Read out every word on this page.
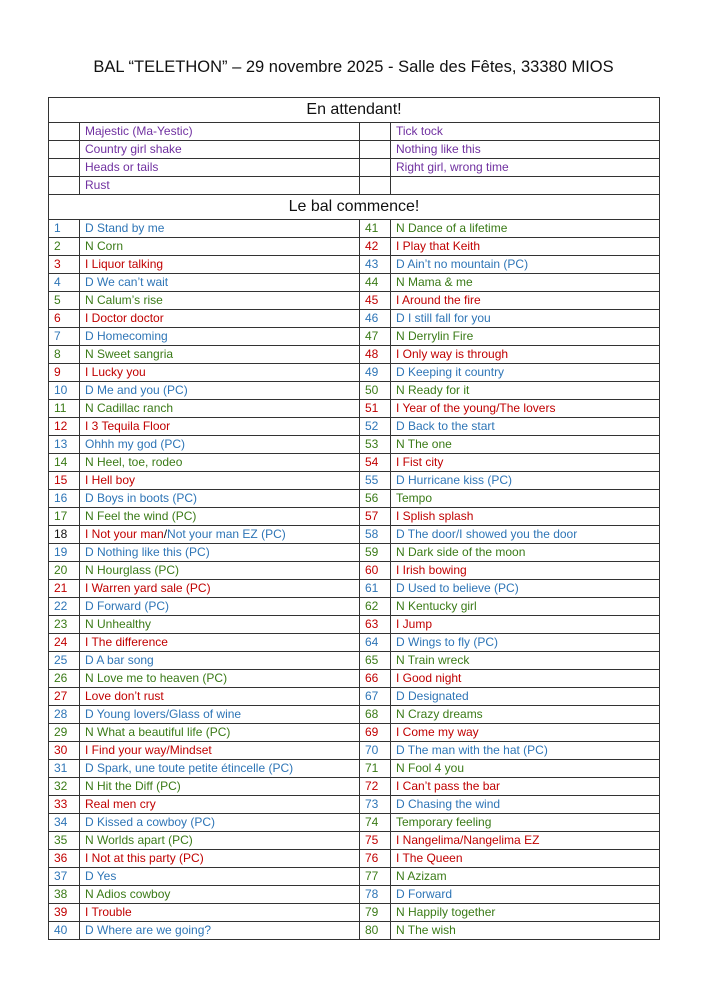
BAL “TELETHON” – 29 novembre 2025 - Salle des Fêtes, 33380 MIOS
En attendant!			
	Majestic (Ma-Yestic)		Tick tock
	Country girl shake		Nothing like this
	Heads or tails		Right girl, wrong time
	Rust		
Le bal commence!			
1	D Stand by me	41	N Dance of a lifetime
2	N Corn	42	I Play that Keith
3	I Liquor talking	43	D Ain’t no mountain (PC)
4	D We can’t wait	44	N Mama & me
5	N Calum’s rise	45	I Around the fire
6	I Doctor doctor	46	D I still fall for you
7	D Homecoming	47	N Derrylin Fire
8	N Sweet sangria	48	I Only way is through
9	I Lucky you	49	D Keeping it country
10	D Me and you (PC)	50	N Ready for it
11	N Cadillac ranch	51	I Year of the young/The lovers
12	I 3 Tequila Floor	52	D Back to the start
13	Ohhh my god (PC)	53	N The one
14	N Heel, toe, rodeo	54	I Fist city
15	I Hell boy	55	D Hurricane kiss (PC)
16	D Boys in boots (PC)	56	Tempo
17	N Feel the wind (PC)	57	I Splish splash
18	I Not your man/Not your man EZ (PC)	58	D The door/I showed you the door
19	D Nothing like this (PC)	59	N Dark side of the moon
20	N Hourglass (PC)	60	I Irish bowing
21	I Warren yard sale (PC)	61	D Used to believe (PC)
22	D Forward (PC)	62	N Kentucky girl
23	N Unhealthy	63	I Jump
24	I The difference	64	D Wings to fly (PC)
25	D A bar song	65	N Train wreck
26	N Love me to heaven (PC)	66	I Good night
27	Love don’t rust	67	D Designated
28	D Young lovers/Glass of wine	68	N Crazy dreams
29	N What a beautiful life (PC)	69	I Come my way
30	I Find your way/Mindset	70	D The man with the hat (PC)
31	D Spark, une toute petite étincelle (PC)	71	N Fool 4 you
32	N Hit the Diff (PC)	72	I Can’t pass the bar
33	Real men cry	73	D Chasing the wind
34	D Kissed a cowboy (PC)	74	Temporary feeling
35	N Worlds apart (PC)	75	I Nangelima/Nangelima EZ
36	I Not at this party (PC)	76	I The Queen
37	D Yes	77	N Azizam
38	N Adios cowboy	78	D Forward
39	I Trouble	79	N Happily together
40	D Where are we going?	80	N The wish
